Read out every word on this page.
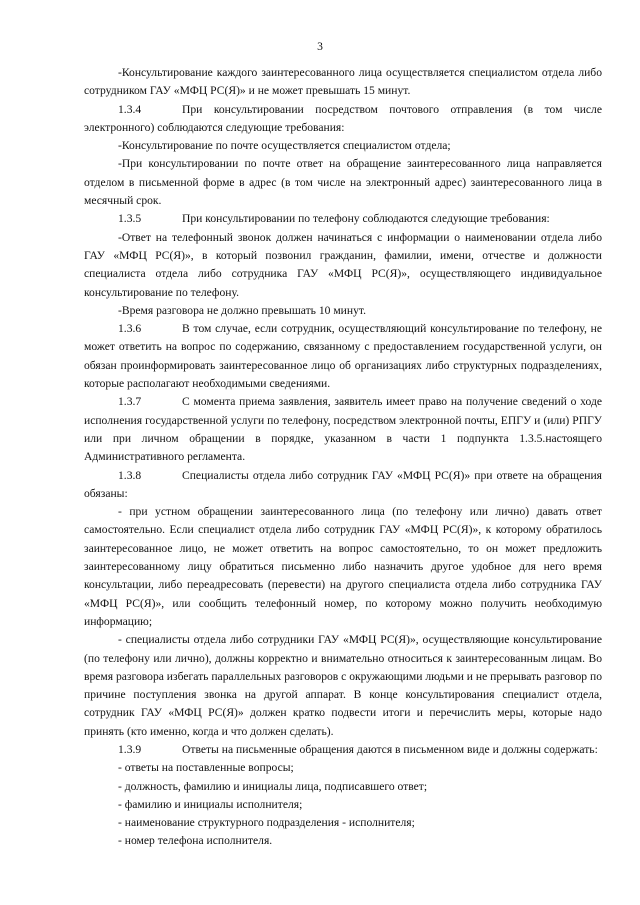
3

-Консультирование каждого заинтересованного лица осуществляется специалистом отдела либо сотрудником ГАУ «МФЦ РС(Я)» и не может превышать 15 минут.

1.3.4	При консультировании посредством почтового отправления (в том числе электронного) соблюдаются следующие требования:

-Консультирование по почте осуществляется специалистом отдела;

-При консультировании по почте ответ на обращение заинтересованного лица направляется отделом в письменной форме в адрес (в том числе на электронный адрес) заинтересованного лица в месячный срок.

1.3.5	При консультировании по телефону соблюдаются следующие требования:

-Ответ на телефонный звонок должен начинаться с информации о наименовании отдела либо ГАУ «МФЦ РС(Я)», в который позвонил гражданин, фамилии, имени, отчестве и должности специалиста отдела либо сотрудника ГАУ «МФЦ РС(Я)», осуществляющего индивидуальное консультирование по телефону.

-Время разговора не должно превышать 10 минут.

1.3.6	В том случае, если сотрудник, осуществляющий консультирование по телефону, не может ответить на вопрос по содержанию, связанному с предоставлением государственной услуги, он обязан проинформировать заинтересованное лицо об организациях либо структурных подразделениях, которые располагают необходимыми сведениями.

1.3.7	С момента приема заявления, заявитель имеет право на получение сведений о ходе исполнения государственной услуги по телефону, посредством электронной почты, ЕПГУ и (или) РПГУ или при личном обращении в порядке, указанном в части 1 подпункта 1.3.5.настоящего Административного регламента.

1.3.8	Специалисты отдела либо сотрудник ГАУ «МФЦ РС(Я)» при ответе на обращения обязаны:

- при устном обращении заинтересованного лица (по телефону или лично) давать ответ самостоятельно. Если специалист отдела либо сотрудник ГАУ «МФЦ РС(Я)», к которому обратилось заинтересованное лицо, не может ответить на вопрос самостоятельно, то он может предложить заинтересованному лицу обратиться письменно либо назначить другое удобное для него время консультации, либо переадресовать (перевести) на другого специалиста отдела либо сотрудника ГАУ «МФЦ РС(Я)», или сообщить телефонный номер, по которому можно получить необходимую информацию;

- специалисты отдела либо сотрудники ГАУ «МФЦ РС(Я)», осуществляющие консультирование (по телефону или лично), должны корректно и внимательно относиться к заинтересованным лицам. Во время разговора избегать параллельных разговоров с окружающими людьми и не прерывать разговор по причине поступления звонка на другой аппарат. В конце консультирования специалист отдела, сотрудник ГАУ «МФЦ РС(Я)» должен кратко подвести итоги и перечислить меры, которые надо принять (кто именно, когда и что должен сделать).

1.3.9	Ответы на письменные обращения даются в письменном виде и должны содержать:

- ответы на поставленные вопросы;

- должность, фамилию и инициалы лица, подписавшего ответ;

- фамилию и инициалы исполнителя;

- наименование структурного подразделения - исполнителя;

- номер телефона исполнителя.
